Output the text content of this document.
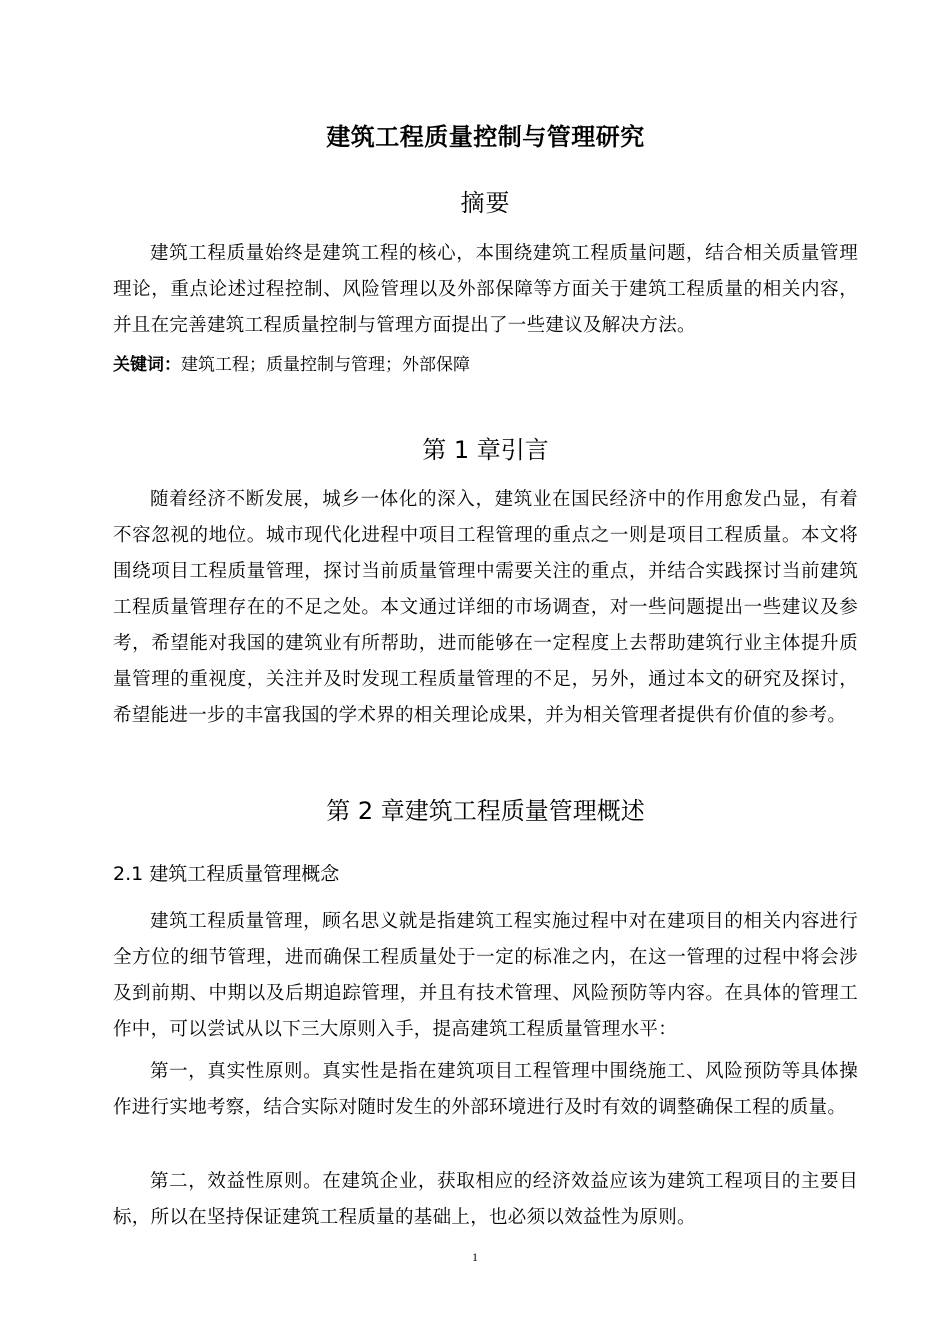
建筑工程质量控制与管理研究
摘要
建筑工程质量始终是建筑工程的核心，本围绕建筑工程质量问题，结合相关质量管理理论，重点论述过程控制、风险管理以及外部保障等方面关于建筑工程质量的相关内容，并且在完善建筑工程质量控制与管理方面提出了一些建议及解决方法。
关键词：建筑工程；质量控制与管理；外部保障
第 1 章引言
随着经济不断发展，城乡一体化的深入，建筑业在国民经济中的作用愈发凸显，有着不容忽视的地位。城市现代化进程中项目工程管理的重点之一则是项目工程质量。本文将围绕项目工程质量管理，探讨当前质量管理中需要关注的重点，并结合实践探讨当前建筑工程质量管理存在的不足之处。本文通过详细的市场调查，对一些问题提出一些建议及参考，希望能对我国的建筑业有所帮助，进而能够在一定程度上去帮助建筑行业主体提升质量管理的重视度，关注并及时发现工程质量管理的不足，另外，通过本文的研究及探讨，希望能进一步的丰富我国的学术界的相关理论成果，并为相关管理者提供有价值的参考。
第 2 章建筑工程质量管理概述
2.1 建筑工程质量管理概念
建筑工程质量管理，顾名思义就是指建筑工程实施过程中对在建项目的相关内容进行全方位的细节管理，进而确保工程质量处于一定的标准之内，在这一管理的过程中将会涉及到前期、中期以及后期追踪管理，并且有技术管理、风险预防等内容。在具体的管理工作中，可以尝试从以下三大原则入手，提高建筑工程质量管理水平：
第一，真实性原则。真实性是指在建筑项目工程管理中围绕施工、风险预防等具体操作进行实地考察，结合实际对随时发生的外部环境进行及时有效的调整确保工程的质量。
第二，效益性原则。在建筑企业，获取相应的经济效益应该为建筑工程项目的主要目标，所以在坚持保证建筑工程质量的基础上，也必须以效益性为原则。
1
